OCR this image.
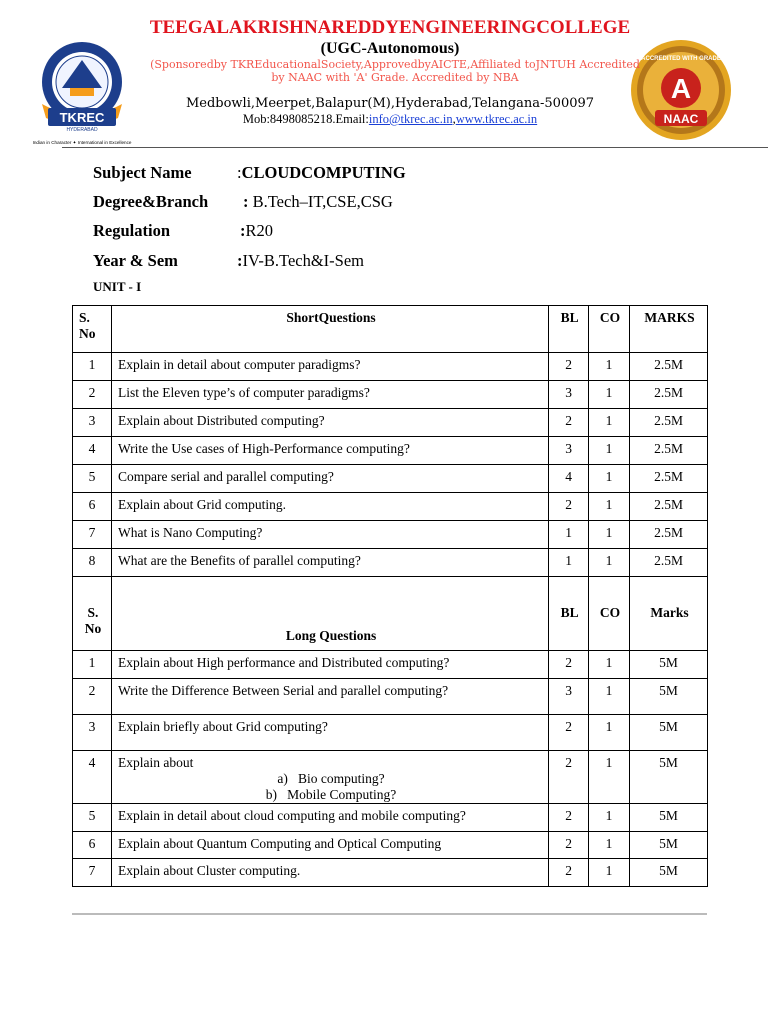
TKREC
HYDERABAD
Indian in Character ✦ International in Excellence
ACCREDITED WITH GRADE
A
NAAC
TEEGALAKRISHNAREDDYENGINEERINGCOLLEGE
(UGC-Autonomous)
(Sponsoredby TKREducationalSociety,ApprovedbyAICTE,Affiliated toJNTUH Accredited
by NAAC with 'A' Grade. Accredited by NBA
Medbowli,Meerpet,Balapur(M),Hyderabad,Telangana-500097
Mob:8498085218.Email:info@tkrec.ac.in,www.tkrec.ac.in
Subject Name	:CLOUDCOMPUTING
Degree&Branch : B.Tech–IT,CSE,CSG
Regulation	:R20
Year & Sem	:IV-B.Tech&I-Sem
UNIT - I
S. No	ShortQuestions	BL	CO	MARKS
1	Explain in detail about computer paradigms?	2	1	2.5M
2	List the Eleven type’s of computer paradigms?	3	1	2.5M
3	Explain about Distributed computing?	2	1	2.5M
4	Write the Use cases of High-Performance computing?	3	1	2.5M
5	Compare serial and parallel computing?	4	1	2.5M
6	Explain about Grid computing.	2	1	2.5M
7	What is Nano Computing?	1	1	2.5M
8	What are the Benefits of parallel computing?	1	1	2.5M
S. No	Long Questions	BL	CO	Marks
1	Explain about High performance and Distributed computing?	2	1	5M
2	Write the Difference Between Serial and parallel computing?	3	1	5M
3	Explain briefly about Grid computing?	2	1	5M
4	Explain about
a)   Bio computing?
b)   Mobile Computing?	2	1	5M
5	Explain in detail about cloud computing and mobile computing?	2	1	5M
6	Explain about Quantum Computing and Optical Computing	2	1	5M
7	Explain about Cluster computing.	2	1	5M
